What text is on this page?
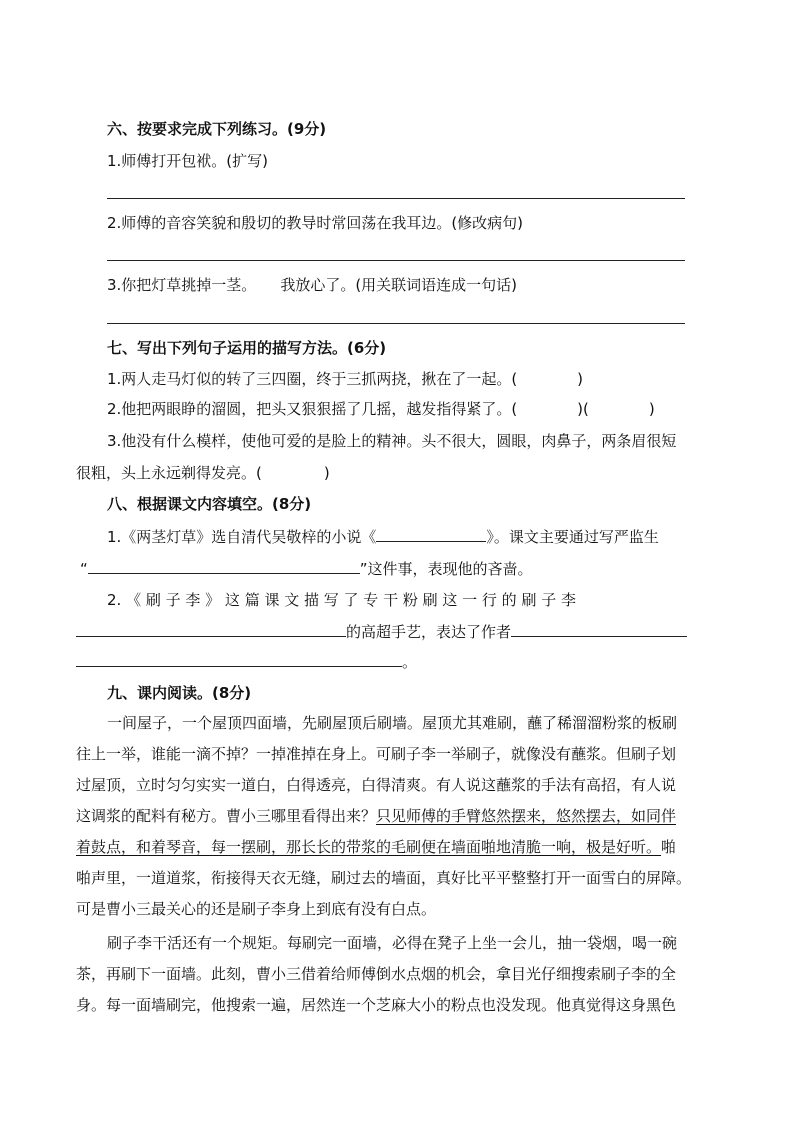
六、按要求完成下列练习。(9分)
1.师傅打开包袱。(扩写)
2.师傅的音容笑貌和殷切的教导时常回荡在我耳边。(修改病句)
3.你把灯草挑掉一茎。 我放心了。(用关联词语连成一句话)
七、写出下列句子运用的描写方法。(6分)
1.两人走马灯似的转了三四圈，终于三抓两挠，揪在了一起。(	)
2.他把两眼睁的溜圆，把头又狠狠摇了几摇，越发指得紧了。(	)(	)
3.他没有什么模样，使他可爱的是脸上的精神。头不很大，圆眼，肉鼻子，两条眉很短
很粗，头上永远剃得发亮。(	)
八、根据课文内容填空。(8分)
1.《两茎灯草》选自清代吴敬梓的小说《	》。课文主要通过写严监生
“	”这件事，表现他的吝啬。
2. 《 刷 子 李 》 这 篇 课 文 描 写 了 专 干 粉 刷 这 一 行 的 刷 子 李
的高超手艺，表达了作者
。
九、课内阅读。(8分)
一间屋子，一个屋顶四面墙，先刷屋顶后刷墙。屋顶尤其难刷，蘸了稀溜溜粉浆的板刷
往上一举，谁能一滴不掉？一掉准掉在身上。可刷子李一举刷子，就像没有蘸浆。但刷子划
过屋顶，立时匀匀实实一道白，白得透亮，白得清爽。有人说这蘸浆的手法有高招，有人说
这调浆的配料有秘方。曹小三哪里看得出来？只见师傅的手臂悠然摆来，悠然摆去，如同伴
着鼓点，和着琴音，每一摆刷，那长长的带浆的毛刷便在墙面啪地清脆一响，极是好听。啪
啪声里，一道道浆，衔接得天衣无缝，刷过去的墙面，真好比平平整整打开一面雪白的屏障。
可是曹小三最关心的还是刷子李身上到底有没有白点。
刷子李干活还有一个规矩。每刷完一面墙，必得在凳子上坐一会儿，抽一袋烟，喝一碗
茶，再刷下一面墙。此刻，曹小三借着给师傅倒水点烟的机会，拿目光仔细搜索刷子李的全
身。每一面墙刷完，他搜索一遍，居然连一个芝麻大小的粉点也没发现。他真觉得这身黑色
